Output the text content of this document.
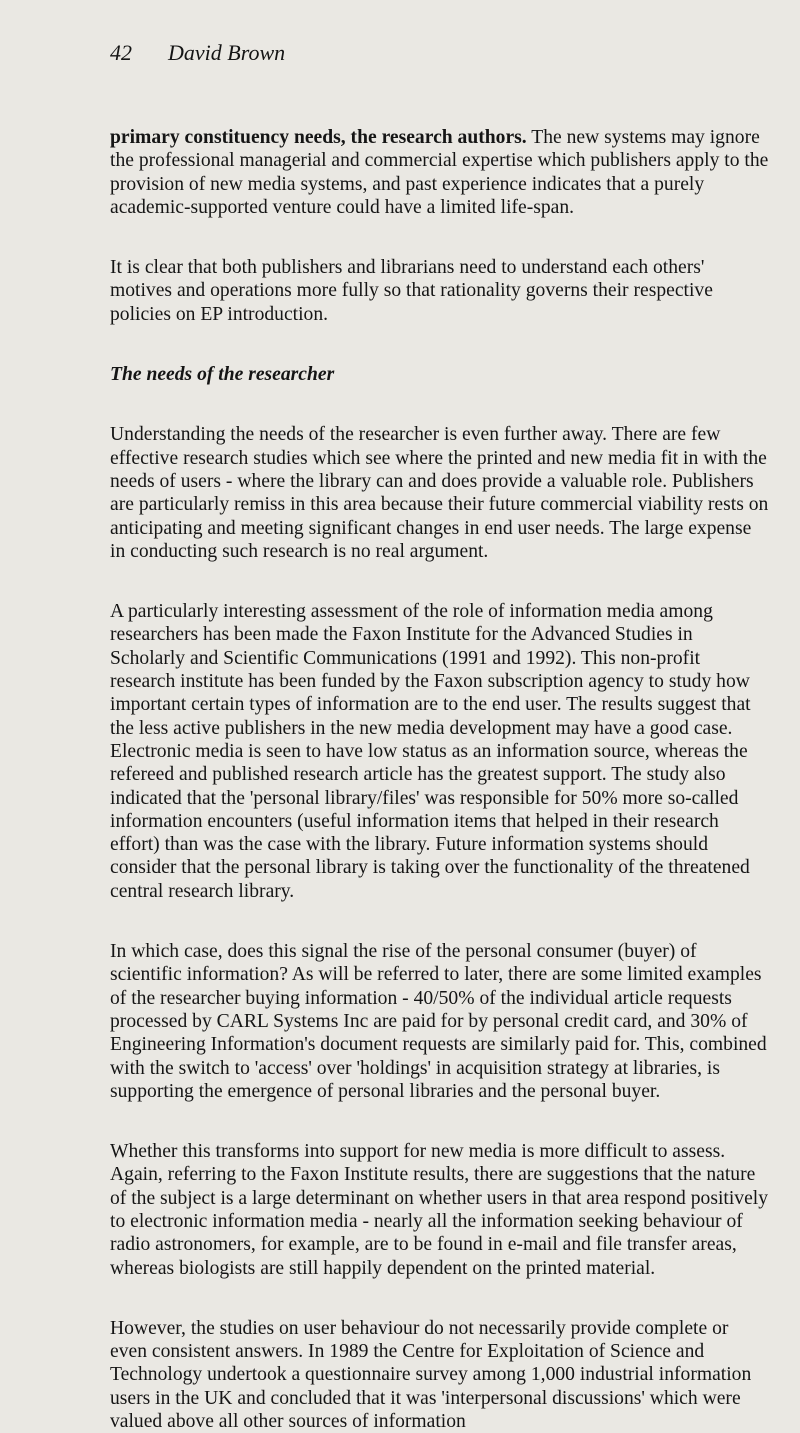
42 David Brown

primary constituency needs, the research authors. The new systems may ignore the professional managerial and commercial expertise which publishers apply to the provision of new media systems, and past experience indicates that a purely academic-supported venture could have a limited life-span.

It is clear that both publishers and librarians need to understand each others' motives and operations more fully so that rationality governs their respective policies on EP introduction.

The needs of the researcher

Understanding the needs of the researcher is even further away. There are few effective research studies which see where the printed and new media fit in with the needs of users - where the library can and does provide a valuable role. Publishers are particularly remiss in this area because their future commercial viability rests on anticipating and meeting significant changes in end user needs. The large expense in conducting such research is no real argument.

A particularly interesting assessment of the role of information media among researchers has been made the Faxon Institute for the Advanced Studies in Scholarly and Scientific Communications (1991 and 1992). This non-profit research institute has been funded by the Faxon subscription agency to study how important certain types of information are to the end user. The results suggest that the less active publishers in the new media development may have a good case. Electronic media is seen to have low status as an information source, whereas the refereed and published research article has the greatest support. The study also indicated that the 'personal library/files' was responsible for 50% more so-called information encounters (useful information items that helped in their research effort) than was the case with the library. Future information systems should consider that the personal library is taking over the functionality of the threatened central research library.

In which case, does this signal the rise of the personal consumer (buyer) of scientific information? As will be referred to later, there are some limited examples of the researcher buying information - 40/50% of the individual article requests processed by CARL Systems Inc are paid for by personal credit card, and 30% of Engineering Information's document requests are similarly paid for. This, combined with the switch to 'access' over 'holdings' in acquisition strategy at libraries, is supporting the emergence of personal libraries and the personal buyer.

Whether this transforms into support for new media is more difficult to assess. Again, referring to the Faxon Institute results, there are suggestions that the nature of the subject is a large determinant on whether users in that area respond positively to electronic information media - nearly all the information seeking behaviour of radio astronomers, for example, are to be found in e-mail and file transfer areas, whereas biologists are still happily dependent on the printed material.

However, the studies on user behaviour do not necessarily provide complete or even consistent answers. In 1989 the Centre for Exploitation of Science and Technology undertook a questionnaire survey among 1,000 industrial information users in the UK and concluded that it was 'interpersonal discussions' which were valued above all other sources of information
